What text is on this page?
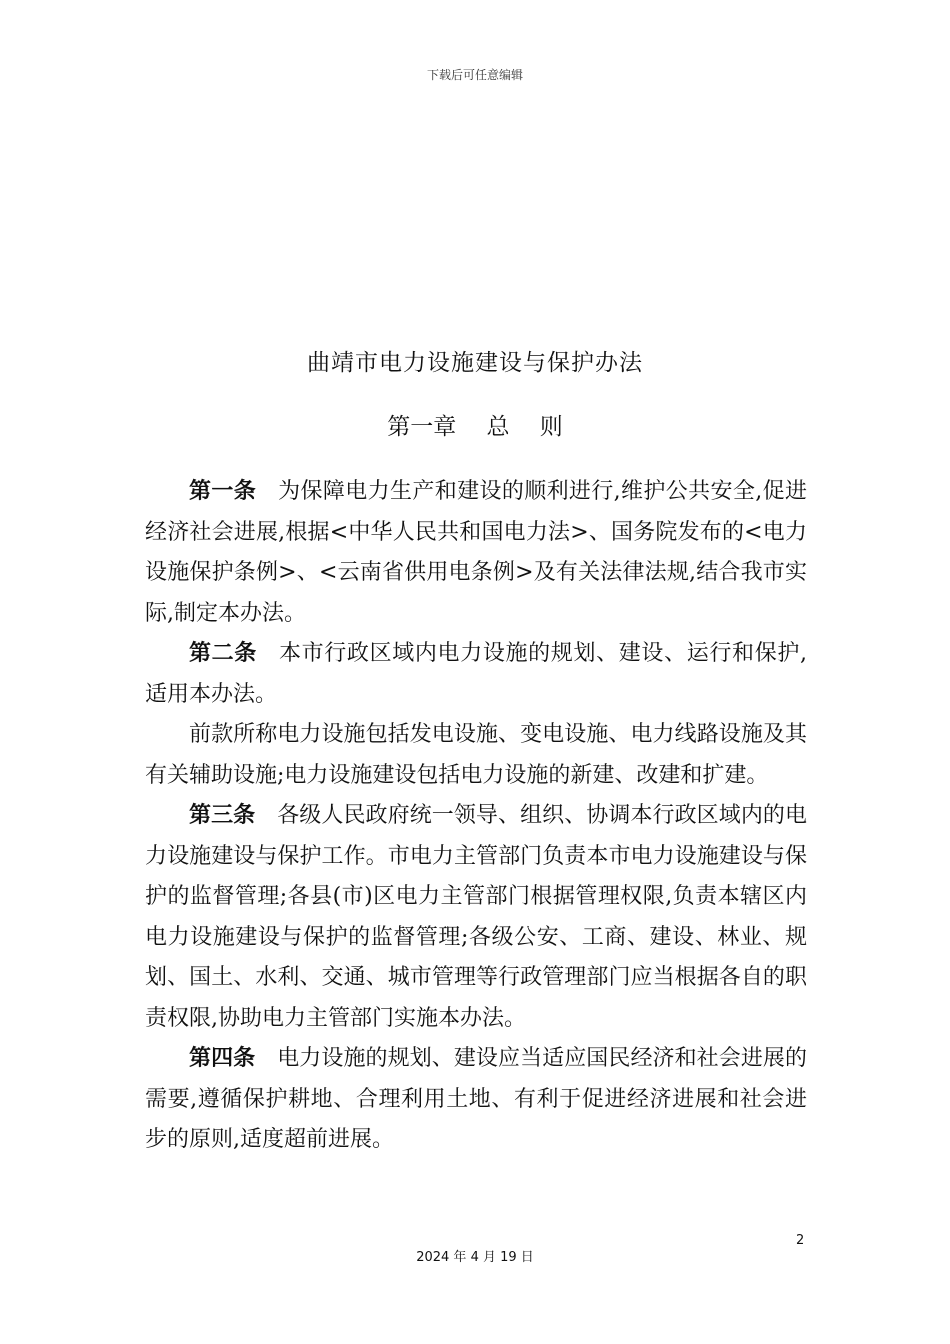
下载后可任意编辑
曲靖市电力设施建设与保护办法
第一章　 总　 则

第一条 为保障电力生产和建设的顺利进行,维护公共安全,促进经济社会进展,根据<中华人民共和国电力法>、国务院发布的<电力设施保护条例>、<云南省供用电条例>及有关法律法规,结合我市实际,制定本办法。

第二条 本市行政区域内电力设施的规划、建设、运行和保护,适用本办法。

前款所称电力设施包括发电设施、变电设施、电力线路设施及其有关辅助设施;电力设施建设包括电力设施的新建、改建和扩建。

第三条 各级人民政府统一领导、组织、协调本行政区域内的电力设施建设与保护工作。市电力主管部门负责本市电力设施建设与保护的监督管理;各县(市)区电力主管部门根据管理权限,负责本辖区内电力设施建设与保护的监督管理;各级公安、工商、建设、林业、规划、国土、水利、交通、城市管理等行政管理部门应当根据各自的职责权限,协助电力主管部门实施本办法。

第四条 电力设施的规划、建设应当适应国民经济和社会进展的需要,遵循保护耕地、合理利用土地、有利于促进经济进展和社会进步的原则,适度超前进展。

2
2024 年 4 月 19 日
